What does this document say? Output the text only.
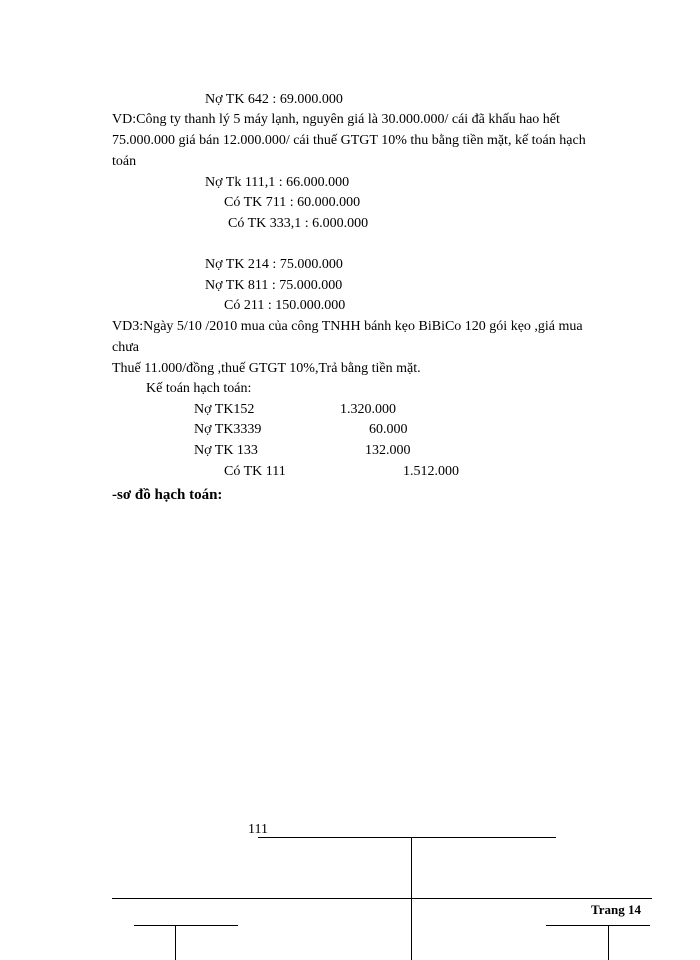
Nợ TK 642 : 69.000.000
VD:Công ty thanh lý 5 máy lạnh, nguyên giá là 30.000.000/ cái đã khấu hao hết
75.000.000 giá bán 12.000.000/ cái thuế GTGT 10% thu bằng tiền mặt, kế toán hạch
toán
Nợ Tk 111,1 : 66.000.000
Có TK 711 : 60.000.000
Có TK 333,1 : 6.000.000
Nợ TK 214 : 75.000.000
Nợ TK 811 : 75.000.000
Có 211 : 150.000.000
VD3:Ngày 5/10 /2010 mua của công TNHH bánh kẹo BiBiCo 120 gói kẹo ,giá mua
chưa
Thuế 11.000/đồng ,thuế GTGT 10%,Trả bằng tiền mặt.
Kế toán hạch toán:
Nợ TK152	1.320.000
Nợ TK3339	60.000
Nợ TK 133	132.000
Có TK 111	1.512.000
-sơ đồ hạch toán:
111
Trang 14
